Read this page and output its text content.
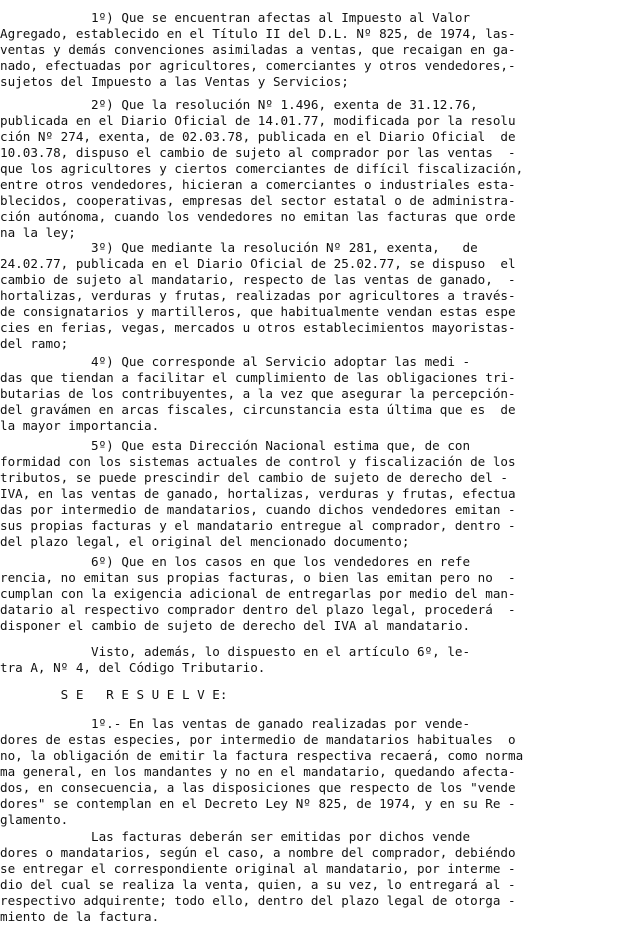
1º) Que se encuentran afectas al Impuesto al Valor
Agregado, establecido en el Título II del D.L. Nº 825, de 1974, las-
ventas y demás convenciones asimiladas a ventas, que recaigan en ga-
nado, efectuadas por agricultores, comerciantes y otros vendedores,-
sujetos del Impuesto a las Ventas y Servicios;
2º) Que la resolución Nº 1.496, exenta de 31.12.76,
publicada en el Diario Oficial de 14.01.77, modificada por la resolu
ción Nº 274, exenta, de 02.03.78, publicada en el Diario Oficial  de
10.03.78, dispuso el cambio de sujeto al comprador por las ventas  -
que los agricultores y ciertos comerciantes de difícil fiscalización,
entre otros vendedores, hicieran a comerciantes o industriales esta-
blecidos, cooperativas, empresas del sector estatal o de administra-
ción autónoma, cuando los vendedores no emitan las facturas que orde
na la ley;
3º) Que mediante la resolución Nº 281, exenta,   de
24.02.77, publicada en el Diario Oficial de 25.02.77, se dispuso  el
cambio de sujeto al mandatario, respecto de las ventas de ganado,  -
hortalizas, verduras y frutas, realizadas por agricultores a través-
de consignatarios y martilleros, que habitualmente vendan estas espe
cies en ferias, vegas, mercados u otros establecimientos mayoristas-
del ramo;
4º) Que corresponde al Servicio adoptar las medi -
das que tiendan a facilitar el cumplimiento de las obligaciones tri-
butarias de los contribuyentes, a la vez que asegurar la percepción-
del gravámen en arcas fiscales, circunstancia esta última que es  de
la mayor importancia.
5º) Que esta Dirección Nacional estima que, de con
formidad con los sistemas actuales de control y fiscalización de los
tributos, se puede prescindir del cambio de sujeto de derecho del -
IVA, en las ventas de ganado, hortalizas, verduras y frutas, efectua
das por intermedio de mandatarios, cuando dichos vendedores emitan -
sus propias facturas y el mandatario entregue al comprador, dentro -
del plazo legal, el original del mencionado documento;
6º) Que en los casos en que los vendedores en refe
rencia, no emitan sus propias facturas, o bien las emitan pero no  -
cumplan con la exigencia adicional de entregarlas por medio del man-
datario al respectivo comprador dentro del plazo legal, procederá  -
disponer el cambio de sujeto de derecho del IVA al mandatario.
Visto, además, lo dispuesto en el artículo 6º, le-
tra A, Nº 4, del Código Tributario.
S E   R E S U E L V E:
1º.- En las ventas de ganado realizadas por vende-
dores de estas especies, por intermedio de mandatarios habituales  o
no, la obligación de emitir la factura respectiva recaerá, como norma
ma general, en los mandantes y no en el mandatario, quedando afecta-
dos, en consecuencia, a las disposiciones que respecto de los "vende
dores" se contemplan en el Decreto Ley Nº 825, de 1974, y en su Re -
glamento.
Las facturas deberán ser emitidas por dichos vende
dores o mandatarios, según el caso, a nombre del comprador, debiéndo
se entregar el correspondiente original al mandatario, por interme -
dio del cual se realiza la venta, quien, a su vez, lo entregará al -
respectivo adquirente; todo ello, dentro del plazo legal de otorga -
miento de la factura.
